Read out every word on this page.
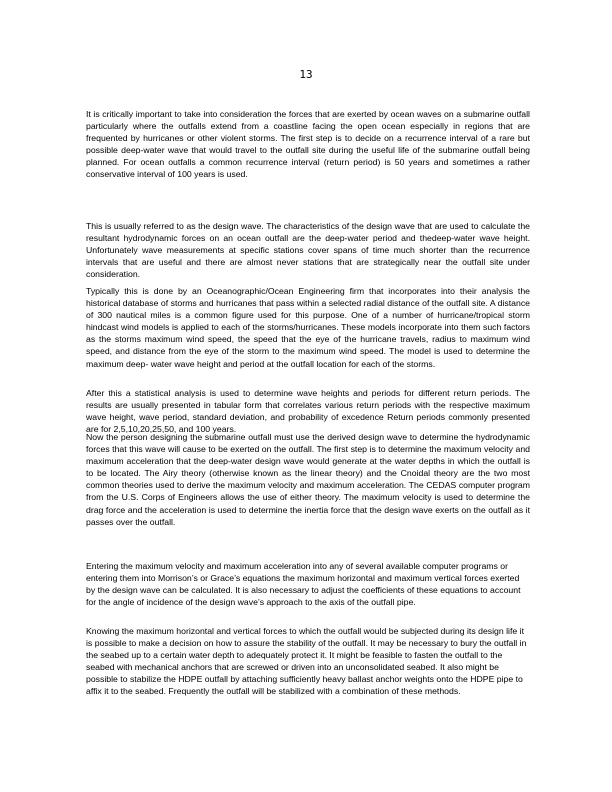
13

It is critically important to take into consideration the forces that are exerted by ocean waves on a submarine outfall particularly where the outfalls extend from a coastline facing the open ocean especially in regions that are frequented by hurricanes or other violent storms. The first step is to decide on a recurrence interval of a rare but possible deep-water wave that would travel to the outfall site during the useful life of the submarine outfall being planned. For ocean outfalls a common recurrence interval (return period) is 50 years and sometimes a rather conservative interval of 100 years is used.

This is usually referred to as the design wave. The characteristics of the design wave that are used to calculate the resultant hydrodynamic forces on an ocean outfall are the deep-water period and thedeep-water wave height. Unfortunately wave measurements at specific stations cover spans of time much shorter than the recurrence intervals that are useful and there are almost never stations that are strategically near the outfall site under consideration.

Typically this is done by an Oceanographic/Ocean Engineering firm that incorporates into their analysis the historical database of storms and hurricanes that pass within a selected radial distance of the outfall site. A distance of 300 nautical miles is a common figure used for this purpose. One of a number of hurricane/tropical storm hindcast wind models is applied to each of the storms/hurricanes. These models incorporate into them such factors as the storms maximum wind speed, the speed that the eye of the hurricane travels, radius to maximum wind speed, and distance from the eye of the storm to the maximum wind speed. The model is used to determine the maximum deep- water wave height and period at the outfall location for each of the storms.

After this a statistical analysis is used to determine wave heights and periods for different return periods. The results are usually presented in tabular form that correlates various return periods with the respective maximum wave height, wave period, standard deviation, and probability of excedence Return periods commonly presented are for 2,5,10,20,25,50, and 100 years.

Now the person designing the submarine outfall must use the derived design wave to determine the hydrodynamic forces that this wave will cause to be exerted on the outfall. The first step is to determine the maximum velocity and maximum acceleration that the deep-water design wave would generate at the water depths in which the outfall is to be located. The Airy theory (otherwise known as the linear theory) and the Cnoidal theory are the two most common theories used to derive the maximum velocity and maximum acceleration. The CEDAS computer program from the U.S. Corps of Engineers allows the use of either theory. The maximum velocity is used to determine the drag force and the acceleration is used to determine the inertia force that the design wave exerts on the outfall as it passes over the outfall.

Entering the maximum velocity and maximum acceleration into any of several available computer programs or entering them into Morrison’s or Grace’s equations the maximum horizontal and maximum vertical forces exerted by the design wave can be calculated. It is also necessary to adjust the coefficients of these equations to account for the angle of incidence of the design wave’s approach to the axis of the outfall pipe.

Knowing the maximum horizontal and vertical forces to which the outfall would be subjected during its design life it is possible to make a decision on how to assure the stability of the outfall. It may be necessary to bury the outfall in the seabed up to a certain water depth to adequately protect it. It might be feasible to fasten the outfall to the seabed with mechanical anchors that are screwed or driven into an unconsolidated seabed. It also might be possible to stabilize the HDPE outfall by attaching sufficiently heavy ballast anchor weights onto the HDPE pipe to affix it to the seabed. Frequently the outfall will be stabilized with a combination of these methods.
